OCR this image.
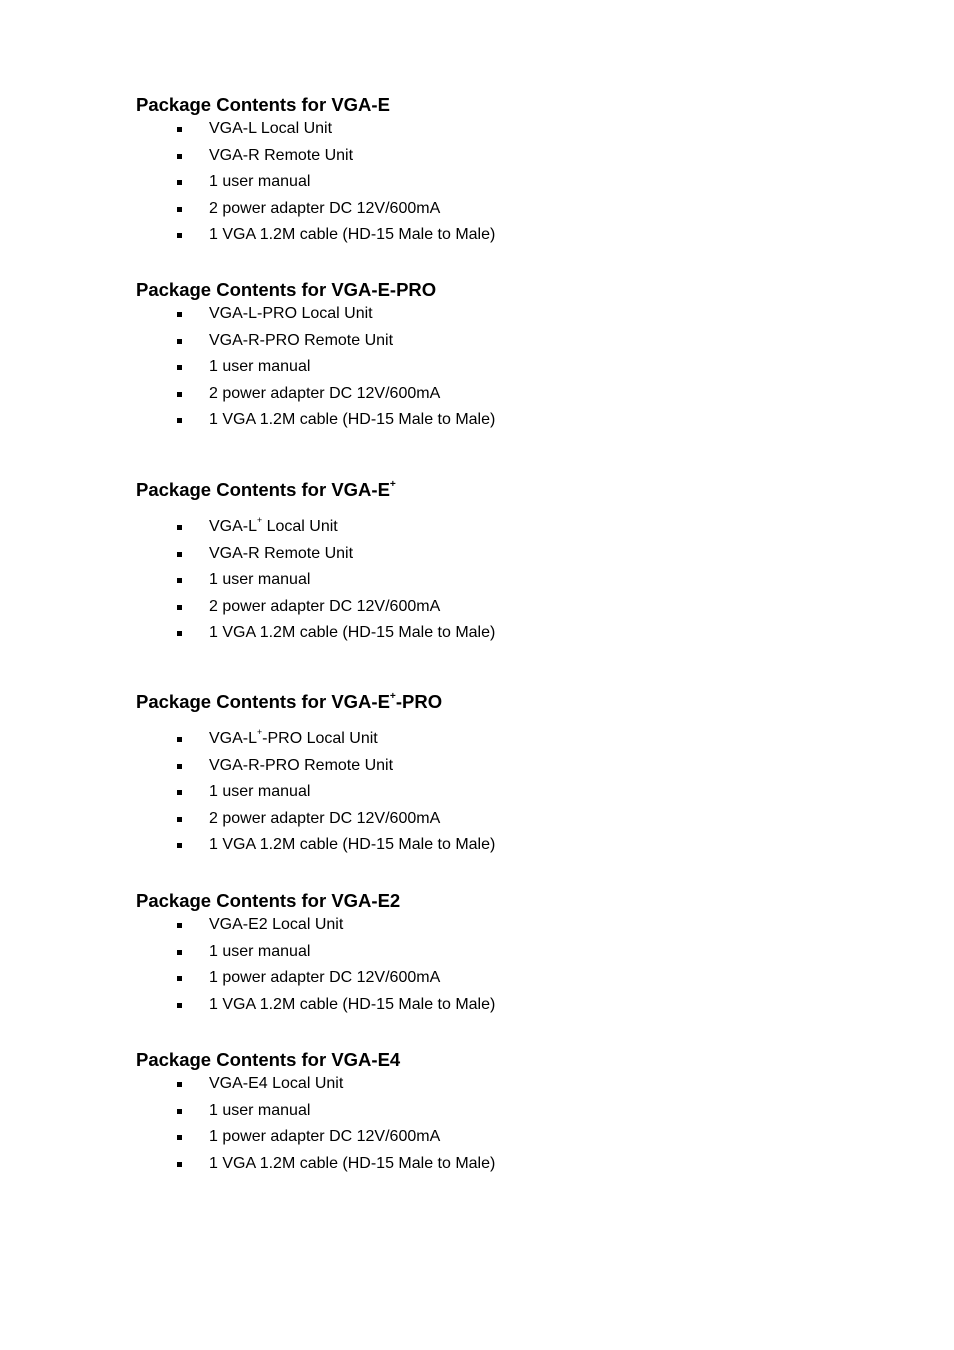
Package Contents for VGA-E
VGA-L Local Unit
VGA-R Remote Unit
1 user manual
2 power adapter DC 12V/600mA
1 VGA 1.2M cable (HD-15 Male to Male)
Package Contents for VGA-E-PRO
VGA-L-PRO Local Unit
VGA-R-PRO Remote Unit
1 user manual
2 power adapter DC 12V/600mA
1 VGA 1.2M cable (HD-15 Male to Male)
Package Contents for VGA-E+
VGA-L+ Local Unit
VGA-R Remote Unit
1 user manual
2 power adapter DC 12V/600mA
1 VGA 1.2M cable (HD-15 Male to Male)
Package Contents for VGA-E+-PRO
VGA-L+-PRO Local Unit
VGA-R-PRO Remote Unit
1 user manual
2 power adapter DC 12V/600mA
1 VGA 1.2M cable (HD-15 Male to Male)
Package Contents for VGA-E2
VGA-E2 Local Unit
1 user manual
1 power adapter DC 12V/600mA
1 VGA 1.2M cable (HD-15 Male to Male)
Package Contents for VGA-E4
VGA-E4 Local Unit
1 user manual
1 power adapter DC 12V/600mA
1 VGA 1.2M cable (HD-15 Male to Male)
